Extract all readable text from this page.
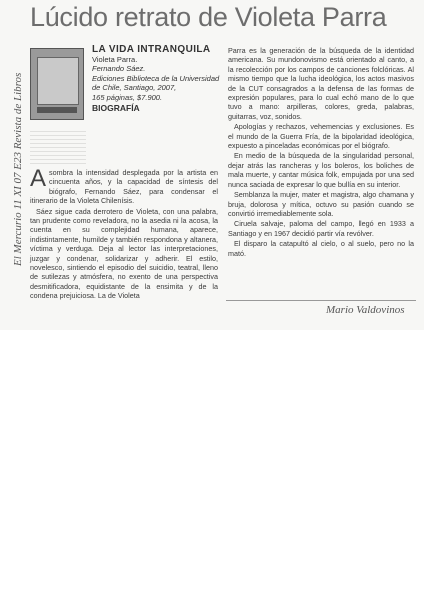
Lúcido retrato de Violeta Parra
El Mercurio 11 XI 07 E23 Revista de Libros
LA VIDA INTRANQUILA
Violeta Parra.
Fernando Sáez.
Ediciones Biblioteca de la Universidad de Chile, Santiago, 2007,
165 páginas, $7.900.
BIOGRAFÍA

Asombra la intensidad desplegada por la artista en cincuenta años, y la capacidad de síntesis del biógrafo, Fernando Sáez, para condensar el itinerario de la Violeta Chilenísis.

Sáez sigue cada derrotero de Violeta, con una palabra, tan prudente como reveladora, no la asedia ni la acosa, la cuenta en su complejidad humana, aparece, indistintamente, humilde y también respondona y altanera, víctima y verduga. Deja al lector las interpretaciones, juzgar y condenar, solidarizar y adherir. El estilo, novelesco, sintiendo el episodio del suicidio, teatral, lleno de sutilezas y atmósfera, no exento de una perspectiva desmitificadora, equidistante de la ensimita y de la condena prejuiciosa. La de Violeta

Parra es la generación de la búsqueda de la identidad americana. Su mundonovismo está orientado al canto, a la recolección por los campos de canciones folclóricas. Al mismo tiempo que la lucha ideológica, los actos masivos de la CUT consagrados a la defensa de las formas de expresión populares, para lo cual echó mano de lo que tuvo a mano: arpilleras, colores, greda, palabras, guitarras, voz, sonidos.

Apologías y rechazos, vehemencias y exclusiones. Es el mundo de la Guerra Fría, de la bipolaridad ideológica, expuesto a pinceladas económicas por el biógrafo.

En medio de la búsqueda de la singularidad personal, dejar atrás las rancheras y los boleros, los boliches de mala muerte, y cantar música folk, empujada por una sed nunca saciada de expresar lo que bullía en su interior.

Semblanza la mujer, mater et magistra, algo chamana y bruja, dolorosa y mítica, octuvo su pasión cuando se convirtió irremediablemente sola.

Ciruela salvaje, paloma del campo, llegó en 1933 a Santiago y en 1967 decidió partir vía revólver.

El disparo la catapultó al cielo, o al suelo, pero no la mató.

Mario Valdovinos
